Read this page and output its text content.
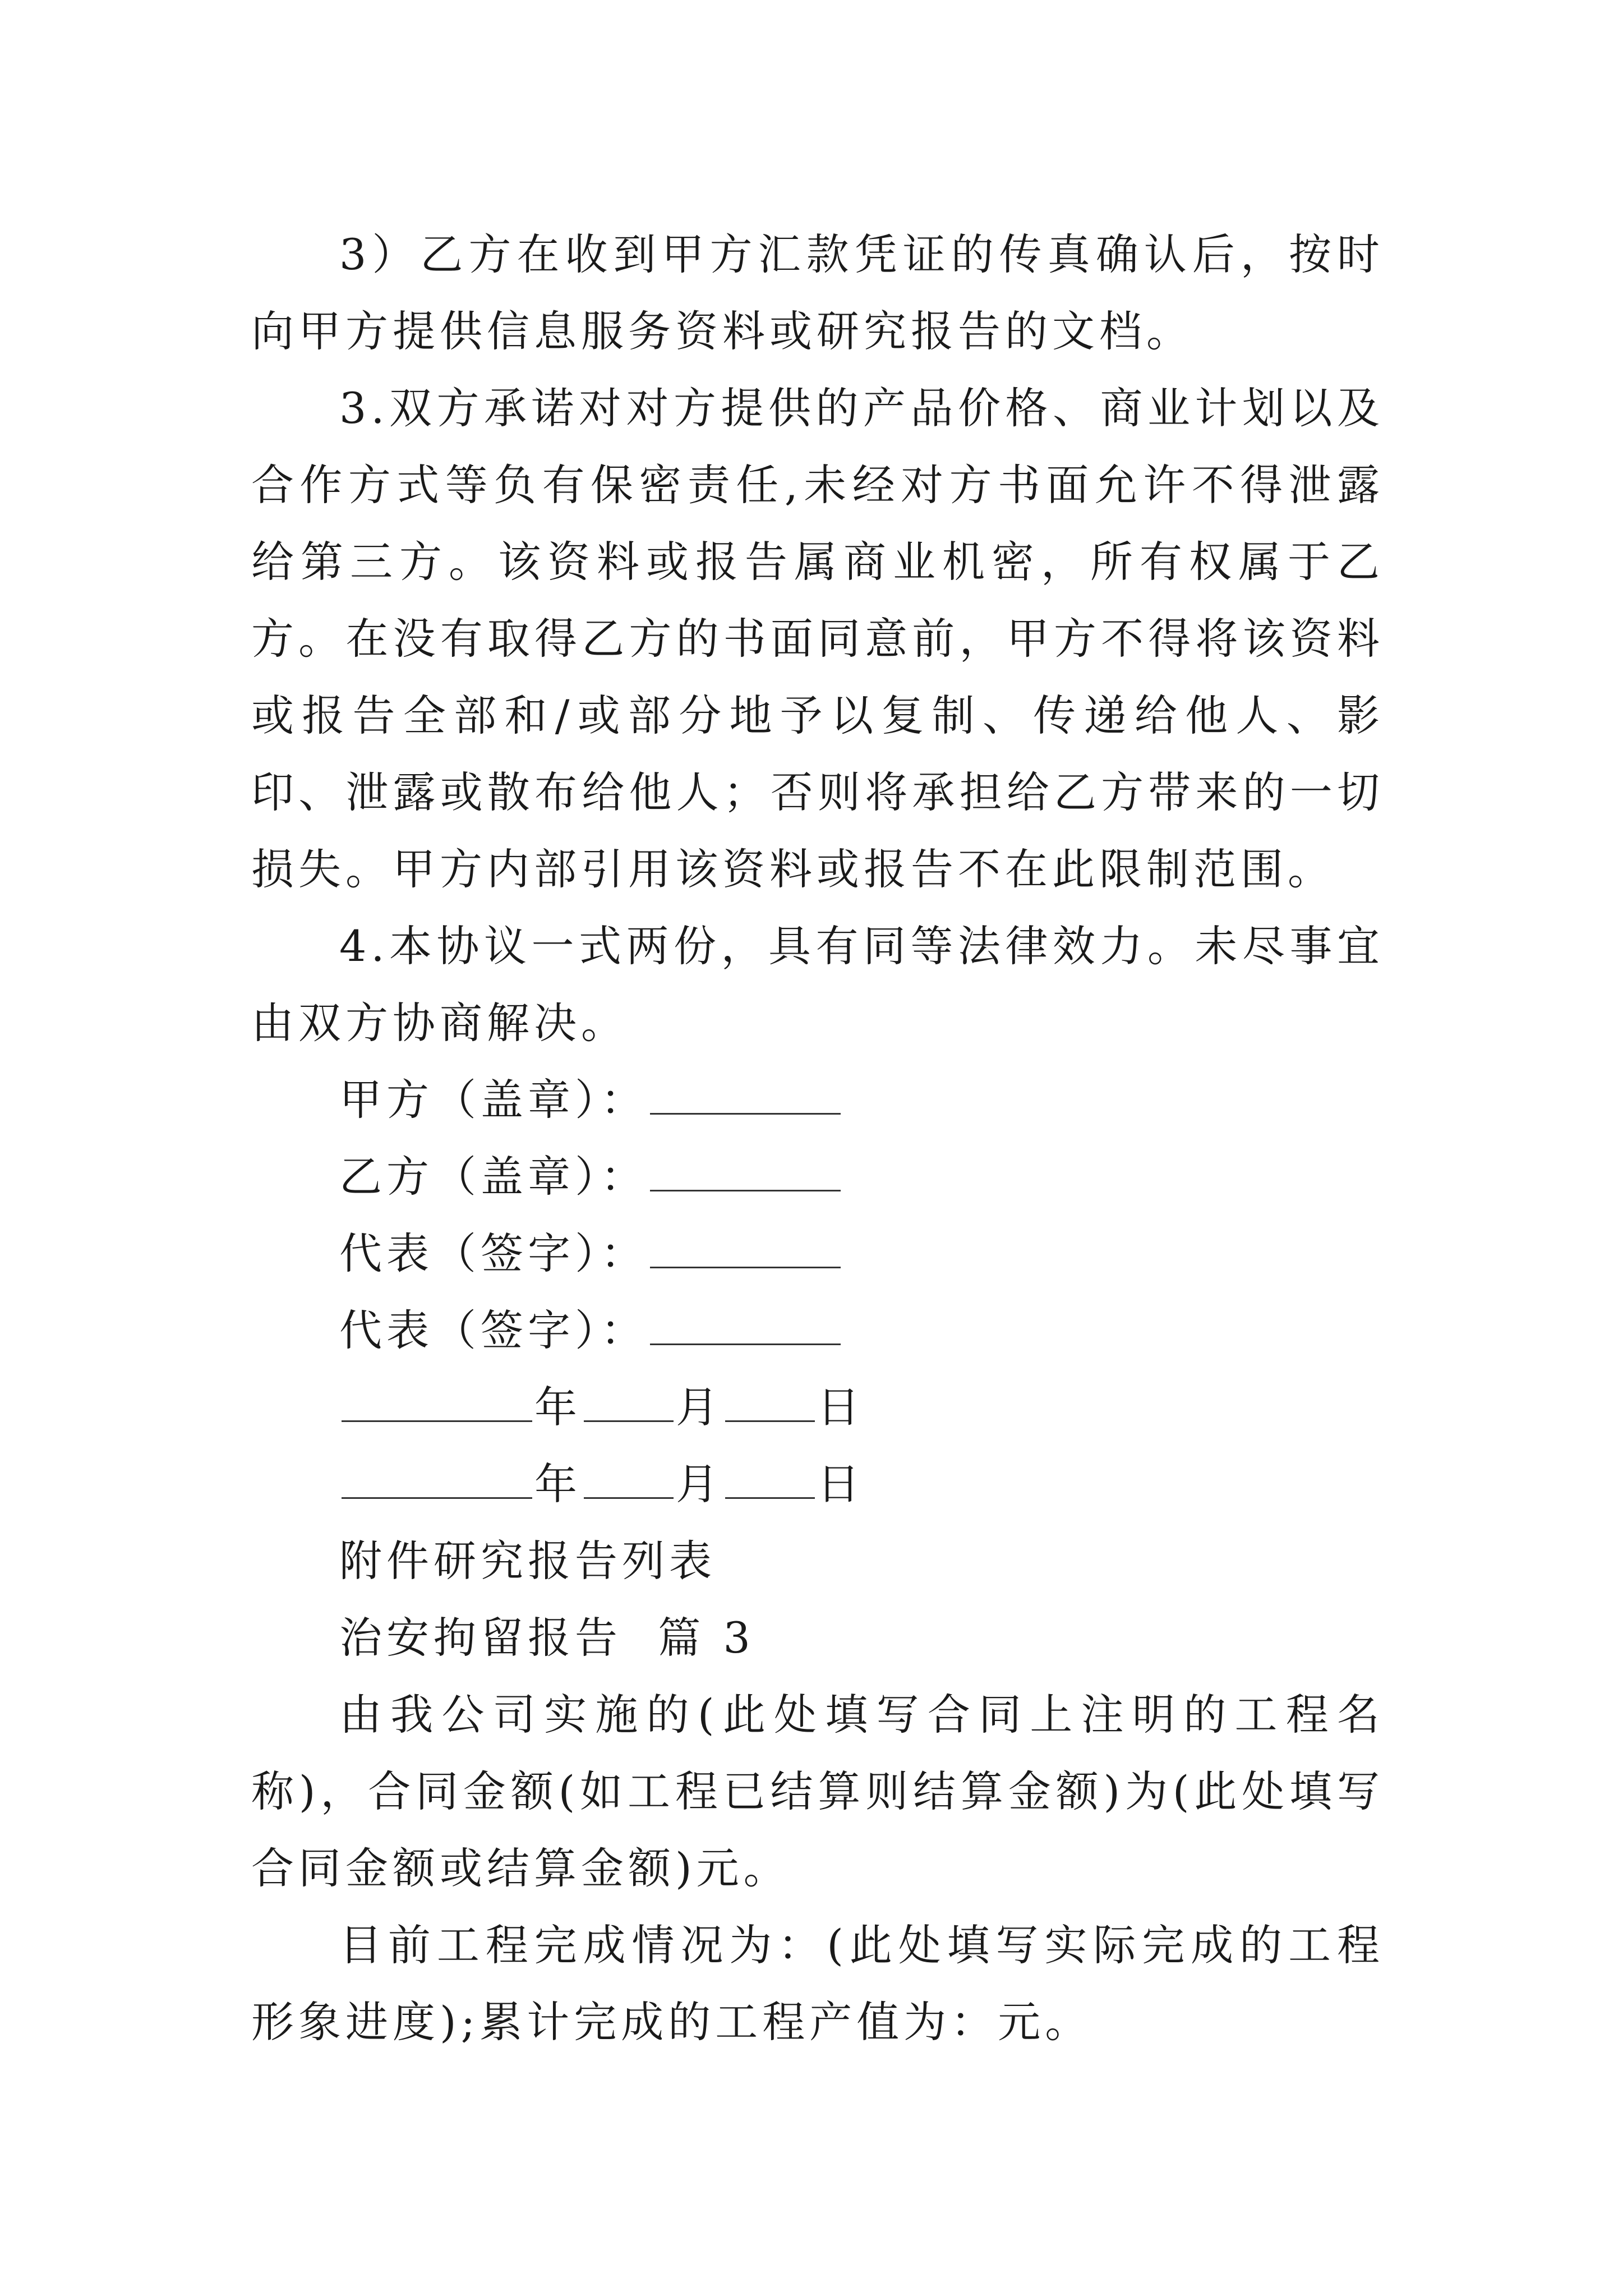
3）乙方在收到甲方汇款凭证的传真确认后，按时向甲方提供信息服务资料或研究报告的文档。

3.双方承诺对对方提供的产品价格、商业计划以及合作方式等负有保密责任,未经对方书面允许不得泄露给第三方。该资料或报告属商业机密，所有权属于乙方。在没有取得乙方的书面同意前，甲方不得将该资料或报告全部和/或部分地予以复制、传递给他人、影印、泄露或散布给他人；否则将承担给乙方带来的一切损失。甲方内部引用该资料或报告不在此限制范围。

4.本协议一式两份，具有同等法律效力。未尽事宜由双方协商解决。

甲方（盖章）：

乙方（盖章）：

代表（签字）：

代表（签字）：

年 月 日

年 月 日

附件研究报告列表

治安拘留报告  篇 3

由我公司实施的(此处填写合同上注明的工程名称)，合同金额(如工程已结算则结算金额)为(此处填写合同金额或结算金额)元。

目前工程完成情况为：(此处填写实际完成的工程形象进度);累计完成的工程产值为：元。
